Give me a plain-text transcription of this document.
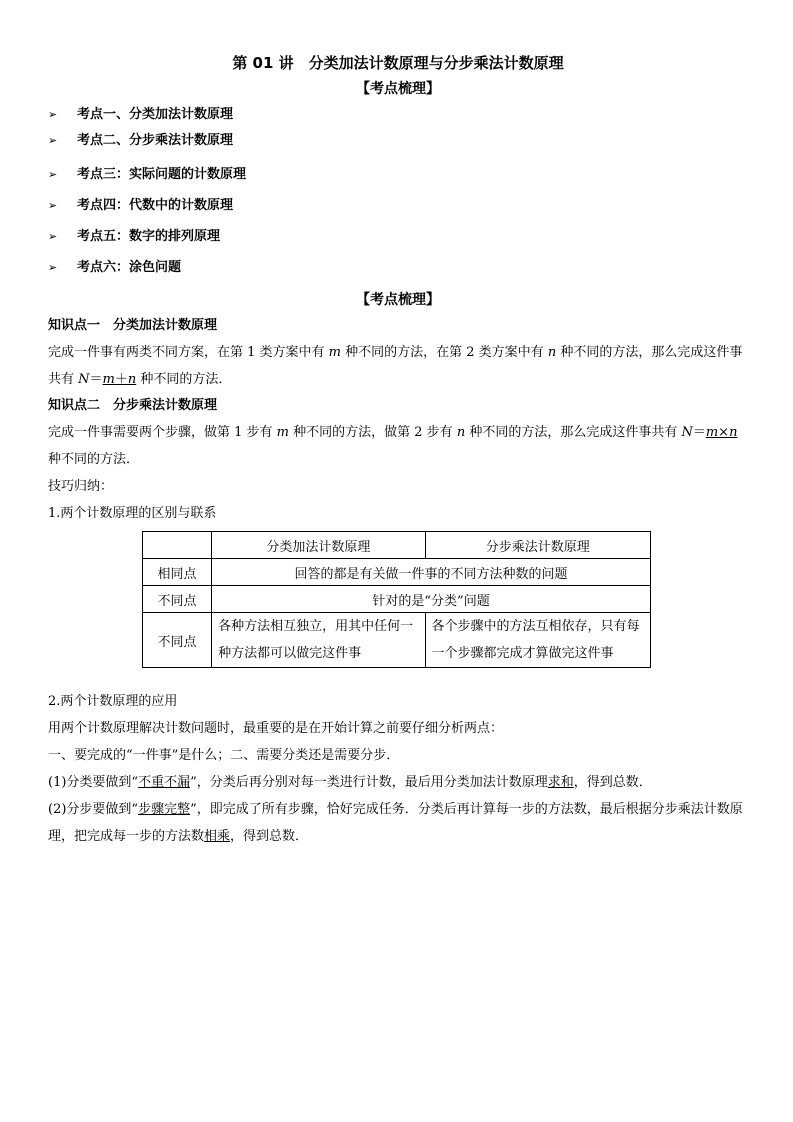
第 01 讲　分类加法计数原理与分步乘法计数原理
【考点梳理】
➢ 考点一、分类加法计数原理
➢ 考点二、分步乘法计数原理
➢ 考点三：实际问题的计数原理
➢ 考点四：代数中的计数原理
➢ 考点五：数字的排列原理
➢ 考点六：涂色问题
【考点梳理】
知识点一　分类加法计数原理
完成一件事有两类不同方案，在第 1 类方案中有 m 种不同的方法，在第 2 类方案中有 n 种不同的方法，那么完成这件事共有 N＝m＋n 种不同的方法．
知识点二　分步乘法计数原理
完成一件事需要两个步骤，做第 1 步有 m 种不同的方法，做第 2 步有 n 种不同的方法，那么完成这件事共有 N＝m×n 种不同的方法．
技巧归纳：
1.两个计数原理的区别与联系
	分类加法计数原理	分步乘法计数原理
相同点	回答的都是有关做一件事的不同方法种数的问题	
不同点	针对的是“分类”问题	
不同点	各种方法相互独立，用其中任何一种方法都可以做完这件事	各个步骤中的方法互相依存，只有每一个步骤都完成才算做完这件事
2.两个计数原理的应用
用两个计数原理解决计数问题时，最重要的是在开始计算之前要仔细分析两点：
一、要完成的“一件事”是什么；二、需要分类还是需要分步．
(1)分类要做到“不重不漏”，分类后再分别对每一类进行计数，最后用分类加法计数原理求和，得到总数．
(2)分步要做到“步骤完整”，即完成了所有步骤，恰好完成任务．分类后再计算每一步的方法数，最后根据分步乘法计数原理，把完成每一步的方法数相乘，得到总数．
